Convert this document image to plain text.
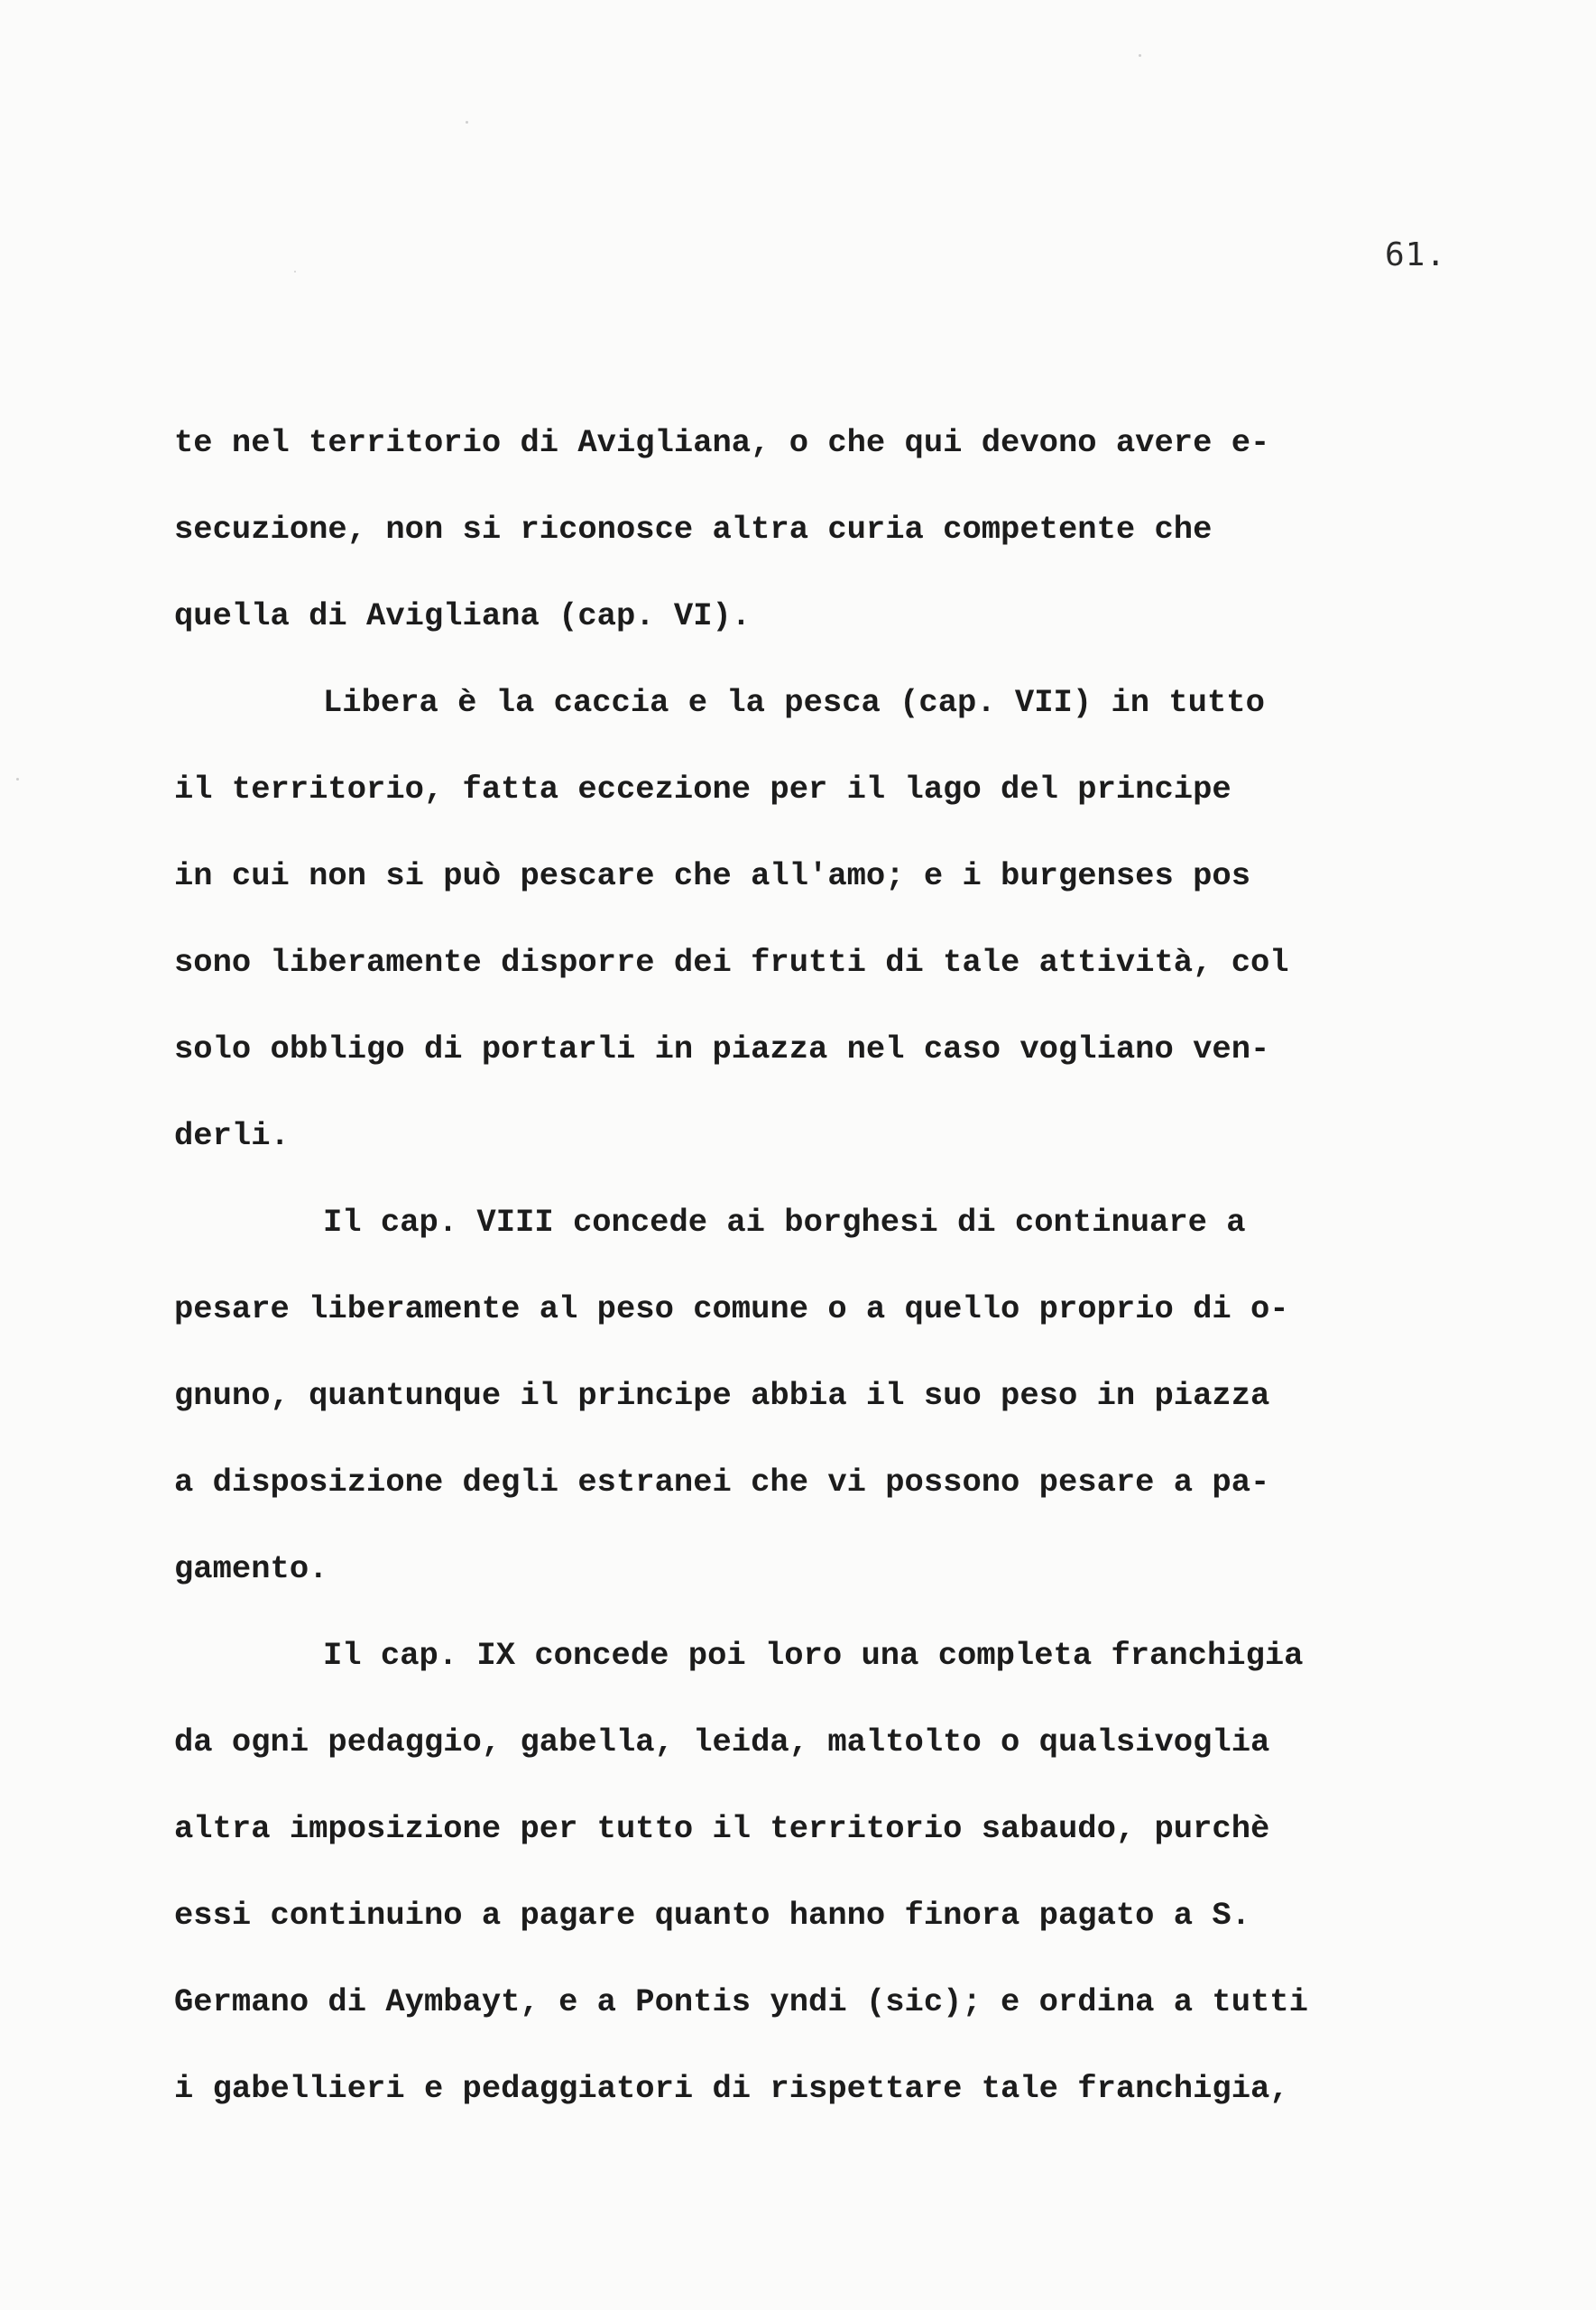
61.
te nel territorio di Avigliana, o che qui devono avere e-
secuzione, non si riconosce altra curia competente che
quella di Avigliana (cap. VI).
Libera è la caccia e la pesca (cap. VII) in tutto
il territorio, fatta eccezione per il lago del principe
in cui non si può pescare che all'amo; e i burgenses pos
sono liberamente disporre dei frutti di tale attività, col
solo obbligo di portarli in piazza nel caso vogliano ven-
derli.
Il cap. VIII concede ai borghesi di continuare a
pesare liberamente al peso comune o a quello proprio di o-
gnuno, quantunque il principe abbia il suo peso in piazza
a disposizione degli estranei che vi possono pesare a pa-
gamento.
Il cap. IX concede poi loro una completa franchigia
da ogni pedaggio, gabella, leida, maltolto o qualsivoglia
altra imposizione per tutto il territorio sabaudo, purchè
essi continuino a pagare quanto hanno finora pagato a S.
Germano di Aymbayt, e a Pontis yndi (sic); e ordina a tutti
i gabellieri e pedaggiatori di rispettare tale franchigia,
